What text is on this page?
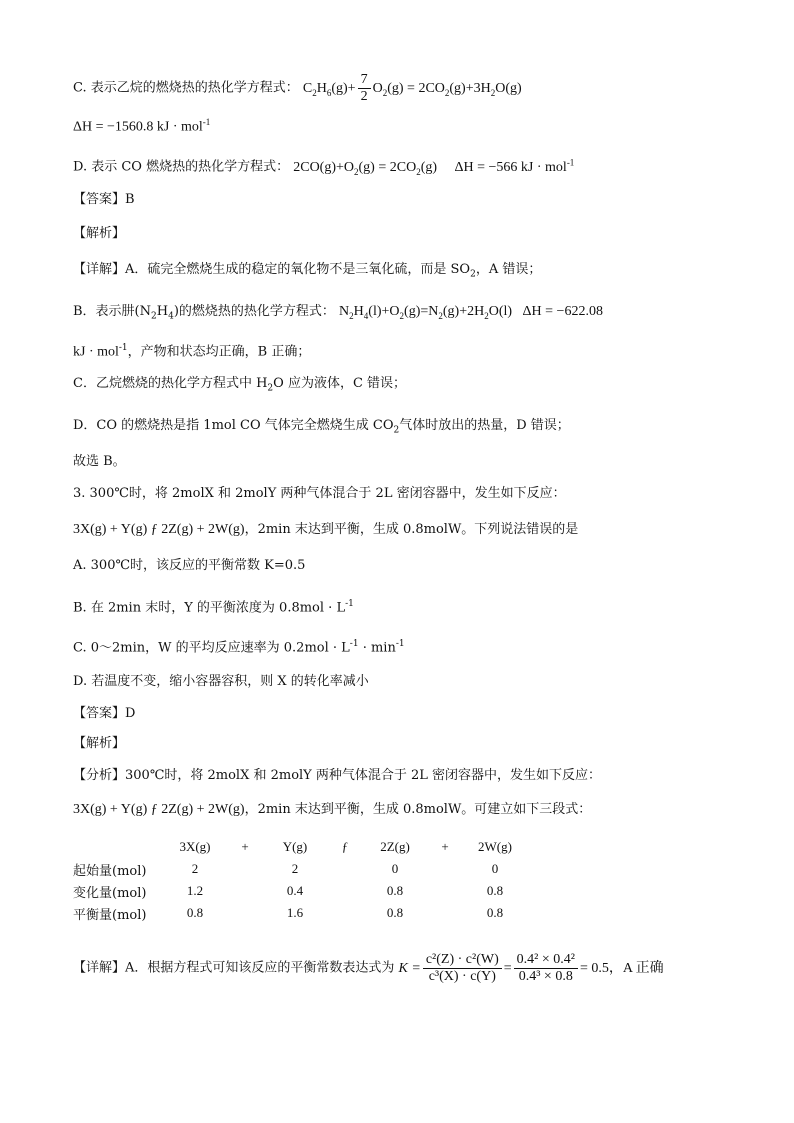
C. 表示乙烷的燃烧热的热化学方程式： $C_2H_6(g)+ \frac{7}{2} O_2(g) = 2CO_2(g)+3H_2O(g)$
ΔH = −1560.8 kJ · mol$^{-1}$
D. 表示 CO 燃烧热的热化学方程式： $2CO(g)+O_2(g) = 2CO_2(g) \Delta H = -566$ kJ · mol$^{-1}$
【答案】B
【解析】
【详解】A．硫完全燃烧生成的稳定的氧化物不是三氧化硫，而是 $SO_2$，A 错误；
B．表示肼$(N_2H_4)$的燃烧热的热化学方程式： $N_2H_4(l)+O_2(g)=N_2(g)+2H_2O(l) \Delta H = -622.08$
kJ · mol$^{-1}$，产物和状态均正确，B 正确；
C．乙烷燃烧的热化学方程式中 $H_2O$ 应为液体，C 错误；
D．CO 的燃烧热是指 1mol CO 气体完全燃烧生成 $CO_2$气体时放出的热量，D 错误；
故选 B。
3. 300℃时，将 2molX 和 2molY 两种气体混合于 2L 密闭容器中，发生如下反应：
3X(g) + Y(g) ƒ 2Z(g) + 2W(g)，2min 末达到平衡，生成 0.8molW。下列说法错误的是
A. 300℃时，该反应的平衡常数 K=0.5
B. 在 2min 末时，Y 的平衡浓度为 $0.8mol \cdot L^{-1}$
C. 0～2min，W 的平均反应速率为 $0.2mol \cdot L^{-1} \cdot \min^{-1}$
D. 若温度不变，缩小容器容积，则 X 的转化率减小
【答案】D
【解析】
【分析】300℃时，将 2molX 和 2molY 两种气体混合于 2L 密闭容器中，发生如下反应：
3X(g) + Y(g) ƒ 2Z(g) + 2W(g)，2min 末达到平衡，生成 0.8molW。可建立如下三段式：
	3X(g)	+	Y(g)	ƒ	2Z(g)	+	2W(g)
起始量(mol)	2		2		0		0
变化量(mol)	1.2		0.4		0.8		0.8
平衡量(mol)	0.8		1.6		0.8		0.8
【详解】A．根据方程式可知该反应的平衡常数表达式为 $K = \frac{\text{c²(Z) · c²(W)}}{\text{c³(X) · c(Y)}} = \frac{\text{0.4² × 0.4²}}{\text{0.4³ × 0.8}} = 0.5$，A 正确
